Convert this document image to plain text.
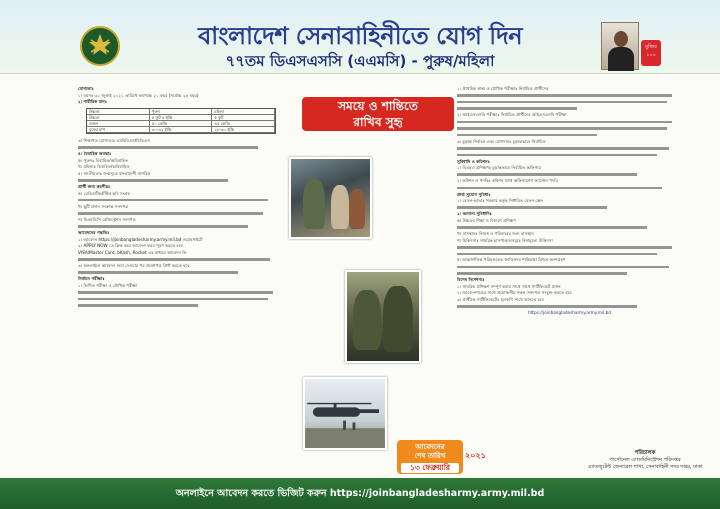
বাংলাদেশ সেনাবাহিনীতে যোগ দিন
৭৭তম ডিএসএসসি (এএমসি) - পুরুষ/মহিলা
মুজিব ১০০
সময়ে ও শান্তিতে
রাখিব সুহৃ
যোগ্যতাঃ
১। বয়সঃ ৩১ জুলাই ২০২১ তারিখে কমপক্ষে ২১ বছর (সর্বোচ্চ ২৮ বছর)
২। শারীরিক মানঃ
উচ্চতা	পুরুষ	মহিলা
উচ্চতা	৫ ফুট ৪ ইঞ্চি	৫ ফুট
ওজন	৫০ কেজি	৪৫ কেজি
বুকের মাপ	৩০-৩২ ইঞ্চি	২৮-৩০ ইঞ্চি
৩। শিক্ষাগত যোগ্যতাঃ এমবিবিএস/বিডিএস
৪। বৈবাহিক অবস্থাঃ
ক। পুরুষঃ বিবাহিত/অবিবাহিত
খ। মহিলাঃ বিবাহিত/অবিবাহিত
৫। জাতীয়তাঃ জন্মসূত্রে বাংলাদেশী নাগরিক
প্রার্থী জন্য করণীয়ঃ
ক। রেডিওটিভ/স্টিল ছবি সংগ্রহ
খ। ছুটি প্রদান সংক্রান্ত সনদপত্র
গ। বিএমডিসি রেজিস্ট্রেশন সনদপত্র
আবেদনের পদ্ধতিঃ
১। আবেদন https://joinbangladesharmy.army.mil.bd ওয়েবসাইটে
২। APPLY NOW তে ক্লিক করে আবেদন ফরম পূরণ করতে হবে
VISA/Master Card, bKash, Rocket এর মাধ্যমে আবেদন ফি
৩। অনলাইনে আবেদন জমা দেওয়ার পর প্রবেশপত্র প্রিন্ট করতে হবে
নির্বাচন পরীক্ষাঃ
১। লিখিত পরীক্ষা ও মৌখিক পরীক্ষা
আবেদনের
শেষ তারিখ
১৩ ফেব্রুয়ারি
২০২১
১। প্রাথমিক স্বাস্থ্য ও মৌখিক পরীক্ষাঃ নির্বাচিত প্রার্থীদের
২। আইএসএসবি পরীক্ষাঃ নির্বাচিত প্রার্থীদের আইএসএসবি পরীক্ষা
৩। চূড়ান্ত নির্বাচন এবং যোগদানঃ চূড়ান্তভাবে নির্বাচিত
সুবিধাদি ও কমিশনঃ
১। বিএমএ প্রশিক্ষণঃ চূড়ান্তভাবে নির্বাচিত অফিসার
২। কমিশন ও পদবিঃ কমিশন প্রাপ্ত অফিসারগণ ক্যাপ্টেন পদবি
প্রাপ্ত সুযোগ সুবিধাঃ
১। বেতন-ভাতাঃ সরকার কর্তৃক নির্ধারিত বেতন স্কেল
২। অন্যান্য সুবিধাদিঃ
ক। উচ্চতর শিক্ষা ও বিদেশে প্রশিক্ষণ
খ। বাসস্থানঃ নিজস্ব ও পরিবারের জন্য বাসস্থান
গ। চিকিৎসাঃ সামরিক হাসপাতালসমূহে বিনামূল্যে চিকিৎসা
ঘ। আন্তর্জাতিক পরিমণ্ডলেঃ জাতিসংঘ শান্তিরক্ষা মিশনে অংশগ্রহণ
বিশেষ নির্দেশনাঃ
১। সামরিক প্রশিক্ষণ সম্পূর্ণ করার সাথে সাথে সার্টিফিকেট প্রদান
২। আবেদনপত্রের সাথে প্রয়োজনীয় সকল সনদপত্র সংযুক্ত করতে হবে
৩। প্রার্থীকে সার্টিফিকেটের মূলকপি সাথে আনতে হবে
https://joinbangladesharmy.army.mil.bd
পরিচালক
পার্সোনেল এ্যাডমিনিস্ট্রেশন পরিদপ্তর
এ্যাডজুটেন্ট জেনারেল শাখা, সেনাবাহিনী সদর দপ্তর, ঢাকা
অনলাইনে আবেদন করতে ভিজিট করুন https://joinbangladesharmy.army.mil.bd
